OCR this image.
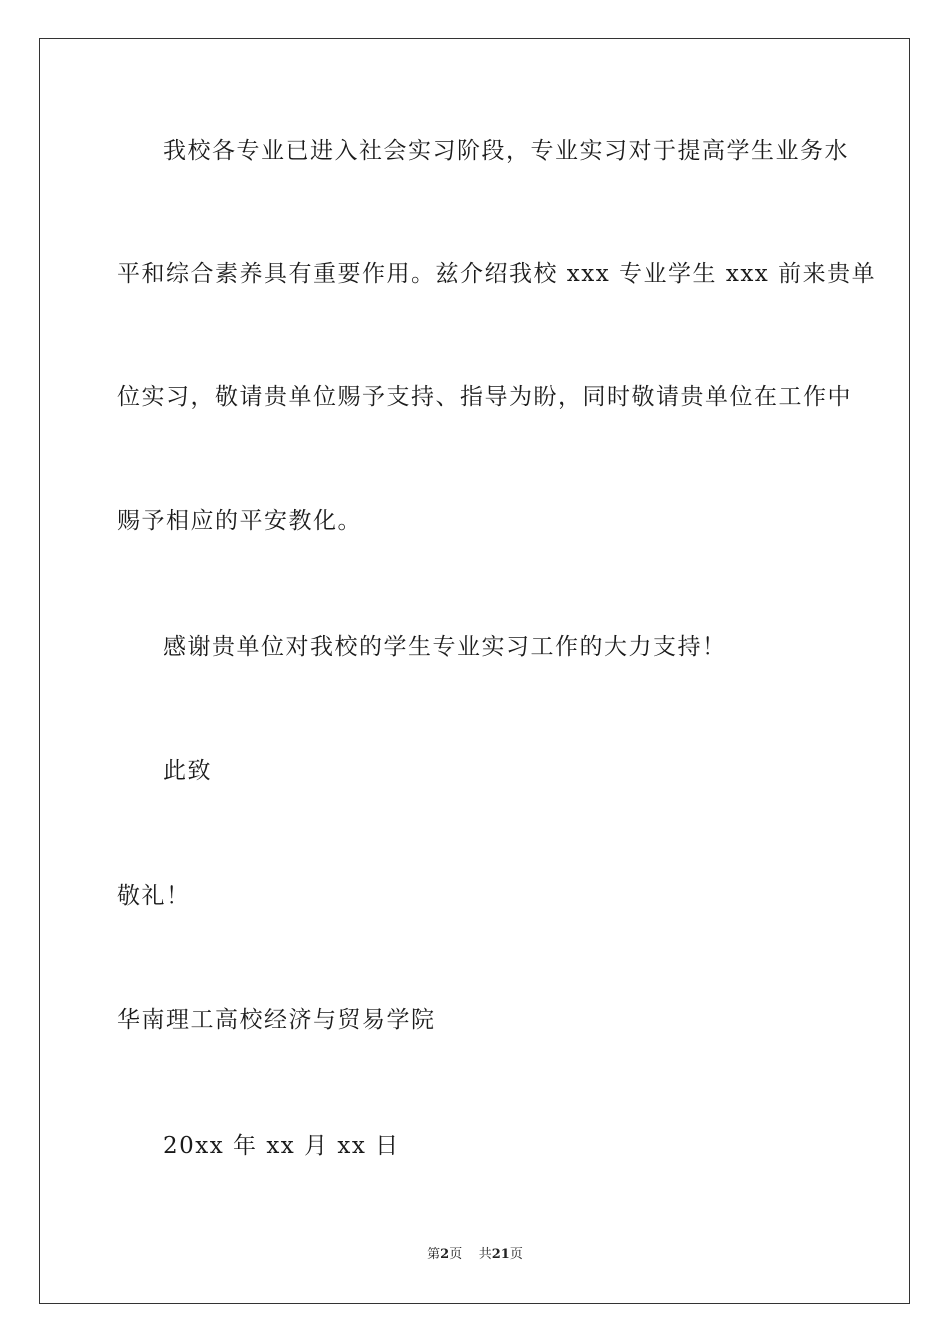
我校各专业已进入社会实习阶段，专业实习对于提高学生业务水
平和综合素养具有重要作用。兹介绍我校 xxx 专业学生 xxx 前来贵单
位实习，敬请贵单位赐予支持、指导为盼，同时敬请贵单位在工作中
赐予相应的平安教化。
感谢贵单位对我校的学生专业实习工作的大力支持！
此致
敬礼！
华南理工高校经济与贸易学院
20xx 年 xx 月 xx 日
第2页 共21页
